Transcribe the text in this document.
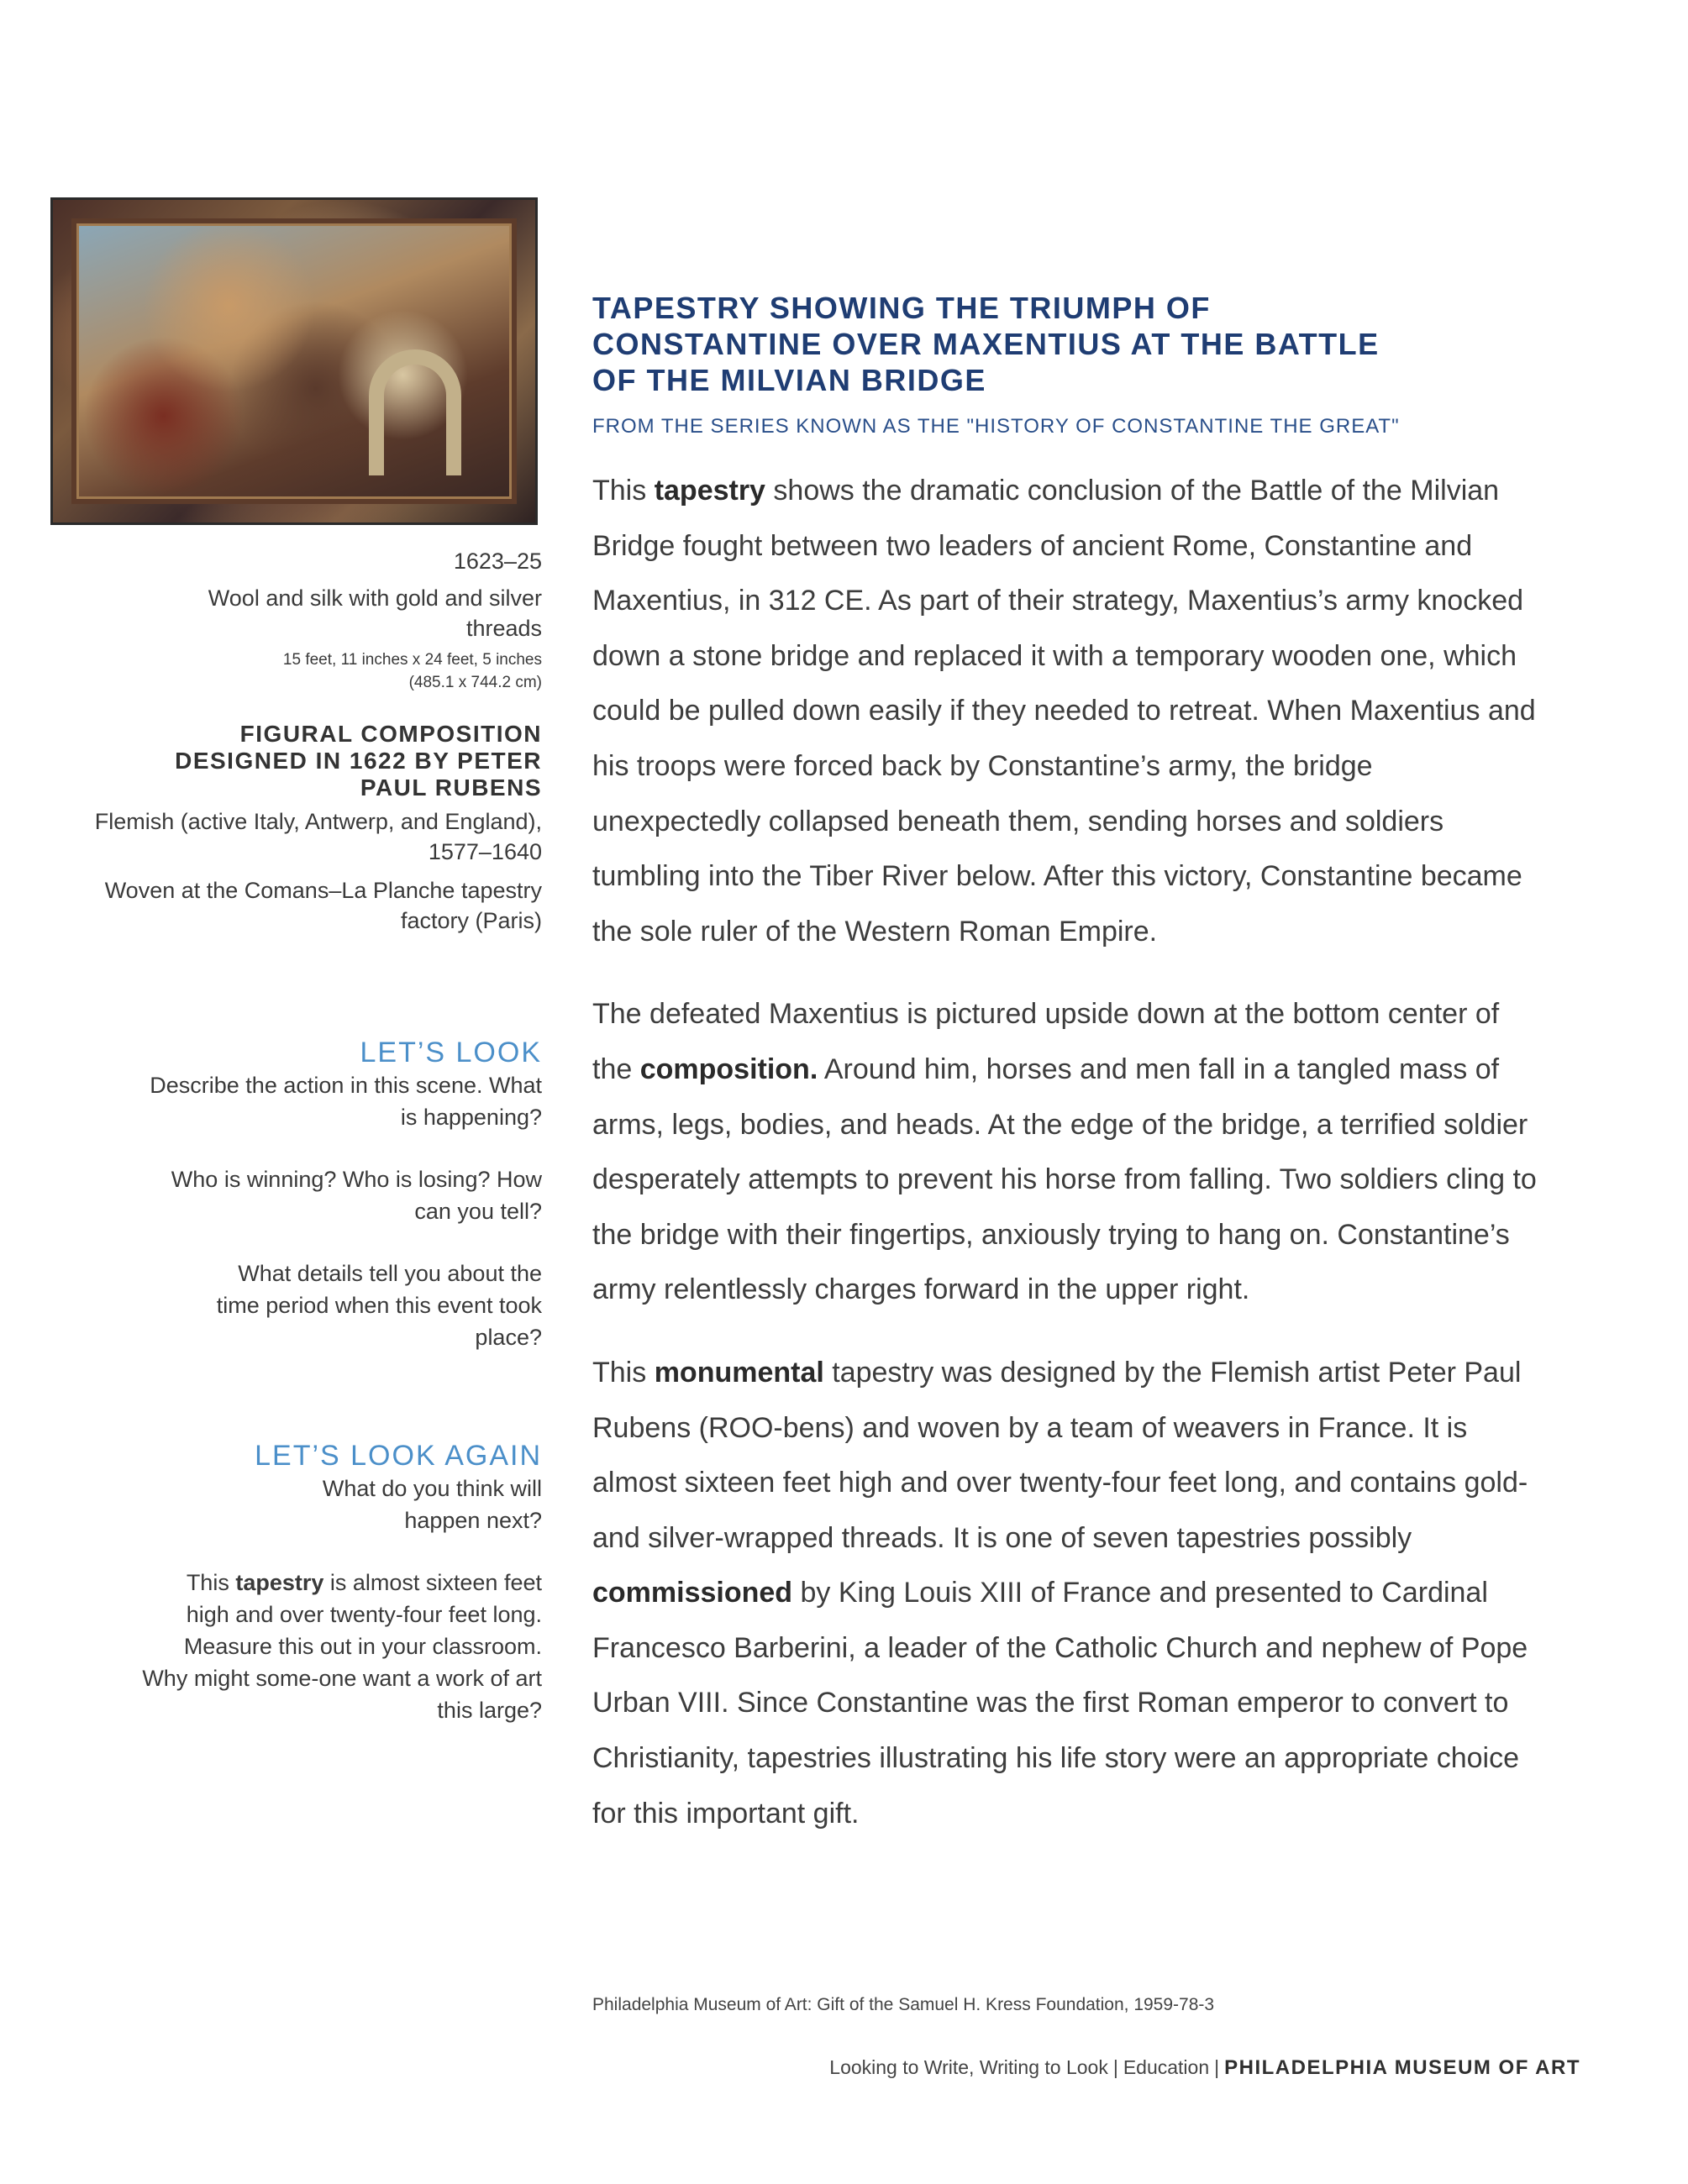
1623–25
Wool and silk with gold and silver threads
15 feet, 11 inches x 24 feet, 5 inches
(485.1 x 744.2 cm)
FIGURAL COMPOSITION DESIGNED IN 1622 BY PETER PAUL RUBENS
Flemish (active Italy, Antwerp, and England), 1577–1640
Woven at the Comans–La Planche tapestry factory (Paris)
LET’S LOOK
Describe the action in this scene. What is happening?
Who is winning? Who is losing? How can you tell?
What details tell you about the time period when this event took place?
LET’S LOOK AGAIN
What do you think will happen next?
This tapestry is almost sixteen feet high and over twenty-four feet long. Measure this out in your classroom. Why might some-one want a work of art this large?
TAPESTRY SHOWING THE TRIUMPH OF CONSTANTINE OVER MAXENTIUS AT THE BATTLE OF THE MILVIAN BRIDGE
FROM THE SERIES KNOWN AS THE "HISTORY OF CONSTANTINE THE GREAT"

This tapestry shows the dramatic conclusion of the Battle of the Milvian Bridge fought between two leaders of ancient Rome, Constantine and Maxentius, in 312 CE. As part of their strategy, Maxentius’s army knocked down a stone bridge and replaced it with a temporary wooden one, which could be pulled down easily if they needed to retreat. When Maxentius and his troops were forced back by Constantine’s army, the bridge unexpectedly collapsed beneath them, sending horses and soldiers tumbling into the Tiber River below. After this victory, Constantine became the sole ruler of the Western Roman Empire.

The defeated Maxentius is pictured upside down at the bottom center of the composition. Around him, horses and men fall in a tangled mass of arms, legs, bodies, and heads. At the edge of the bridge, a terrified soldier desperately attempts to prevent his horse from falling. Two soldiers cling to the bridge with their fingertips, anxiously trying to hang on. Constantine’s army relentlessly charges forward in the upper right.

This monumental tapestry was designed by the Flemish artist Peter Paul Rubens (ROO-bens) and woven by a team of weavers in France. It is almost sixteen feet high and over twenty-four feet long, and contains gold- and silver-wrapped threads. It is one of seven tapestries possibly commissioned by King Louis XIII of France and presented to Cardinal Francesco Barberini, a leader of the Catholic Church and nephew of Pope Urban VIII. Since Constantine was the first Roman emperor to convert to Christianity, tapestries illustrating his life story were an appropriate choice for this important gift.

Philadelphia Museum of Art: Gift of the Samuel H. Kress Foundation, 1959-78-3
Looking to Write, Writing to Look | Education | PHILADELPHIA MUSEUM OF ART
